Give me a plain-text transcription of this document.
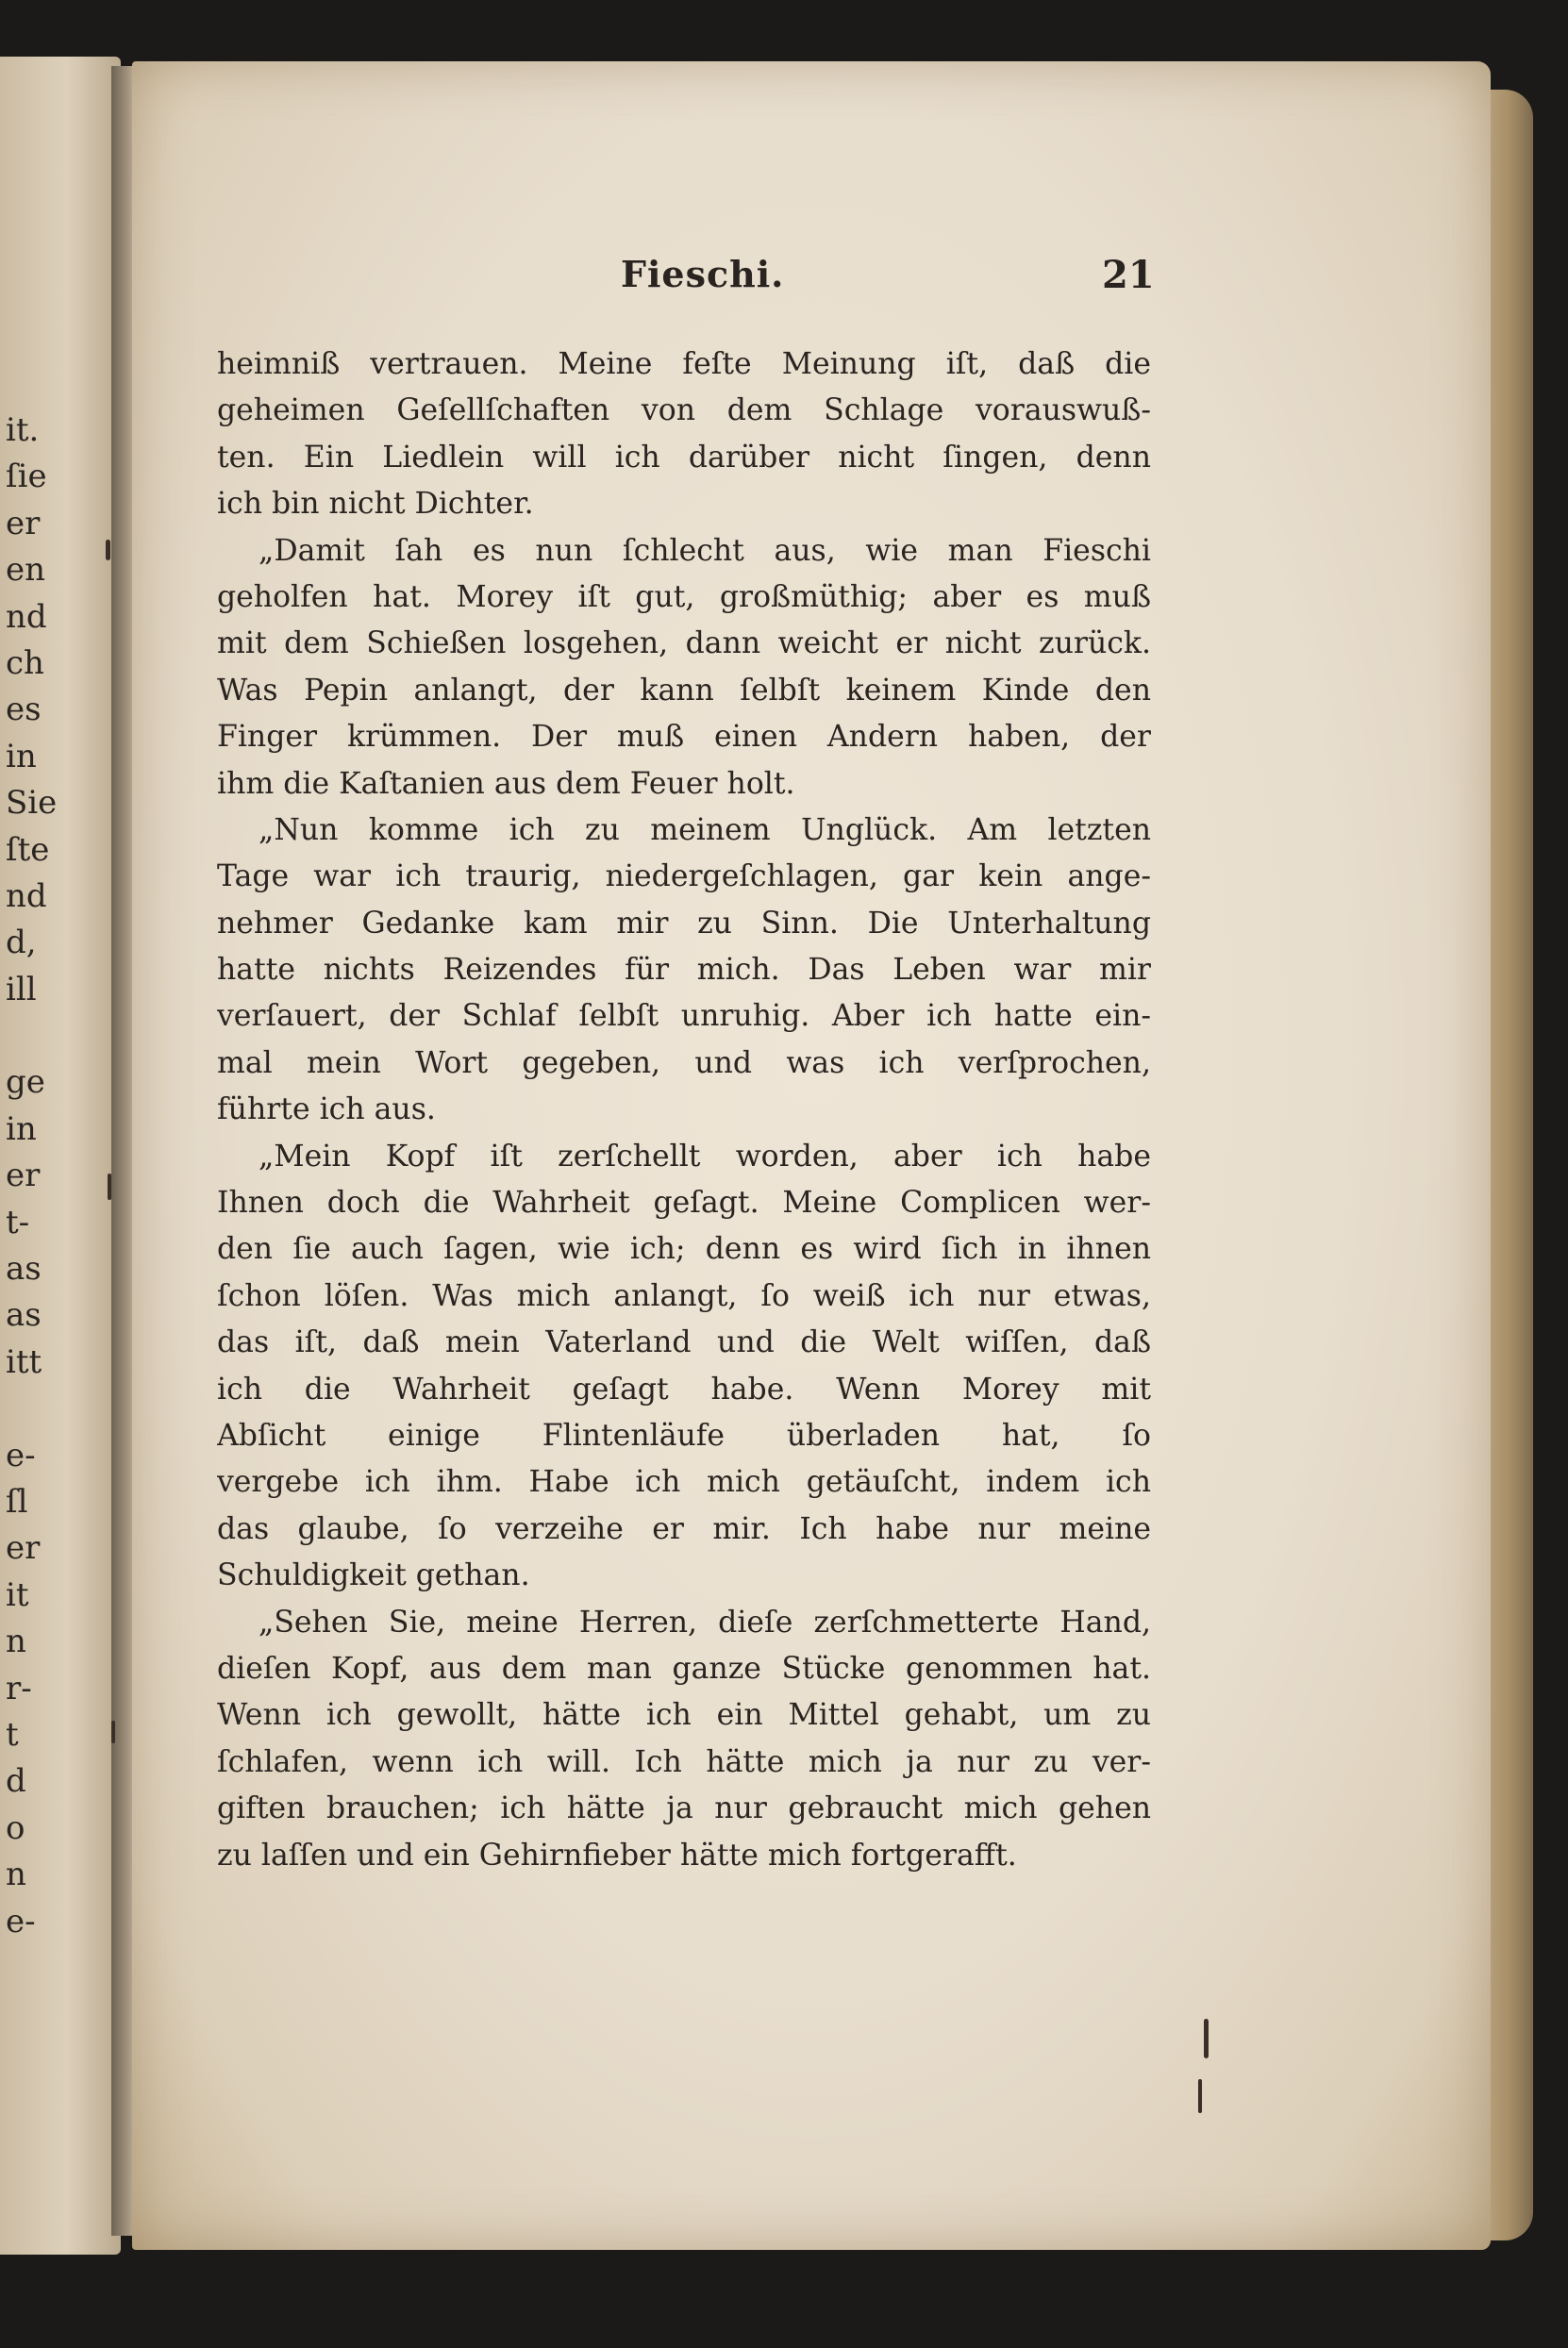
it.
ſie
er
en
nd
ch
es
in
Sie
ſte
nd
d,
ill
ge
in
er
t-
as
as
itt
e-
ſl
er
it
n
r-
t
d
o
n
e-
Fieschi.	21
heimniß vertrauen. Meine feſte Meinung iſt, daß die
geheimen Geſellſchaften von dem Schlage vorauswuß-
ten. Ein Liedlein will ich darüber nicht ſingen, denn
ich bin nicht Dichter.
„Damit ſah es nun ſchlecht aus, wie man Fieschi
geholfen hat. Morey iſt gut, großmüthig; aber es muß
mit dem Schießen losgehen, dann weicht er nicht zurück.
Was Pepin anlangt, der kann ſelbſt keinem Kinde den
Finger krümmen. Der muß einen Andern haben, der
ihm die Kaſtanien aus dem Feuer holt.
„Nun komme ich zu meinem Unglück. Am letzten
Tage war ich traurig, niedergeſchlagen, gar kein ange-
nehmer Gedanke kam mir zu Sinn. Die Unterhaltung
hatte nichts Reizendes für mich. Das Leben war mir
verſauert, der Schlaf ſelbſt unruhig. Aber ich hatte ein-
mal mein Wort gegeben, und was ich verſprochen,
führte ich aus.
„Mein Kopf iſt zerſchellt worden, aber ich habe
Ihnen doch die Wahrheit geſagt. Meine Complicen wer-
den ſie auch ſagen, wie ich; denn es wird ſich in ihnen
ſchon löſen. Was mich anlangt, ſo weiß ich nur etwas,
das iſt, daß mein Vaterland und die Welt wiſſen, daß
ich die Wahrheit geſagt habe. Wenn Morey mit
Abſicht einige Flintenläufe überladen hat, ſo
vergebe ich ihm. Habe ich mich getäuſcht, indem ich
das glaube, ſo verzeihe er mir. Ich habe nur meine
Schuldigkeit gethan.
„Sehen Sie, meine Herren, dieſe zerſchmetterte Hand,
dieſen Kopf, aus dem man ganze Stücke genommen hat.
Wenn ich gewollt, hätte ich ein Mittel gehabt, um zu
ſchlafen, wenn ich will. Ich hätte mich ja nur zu ver-
giften brauchen; ich hätte ja nur gebraucht mich gehen
zu laſſen und ein Gehirnfieber hätte mich fortgerafft.
